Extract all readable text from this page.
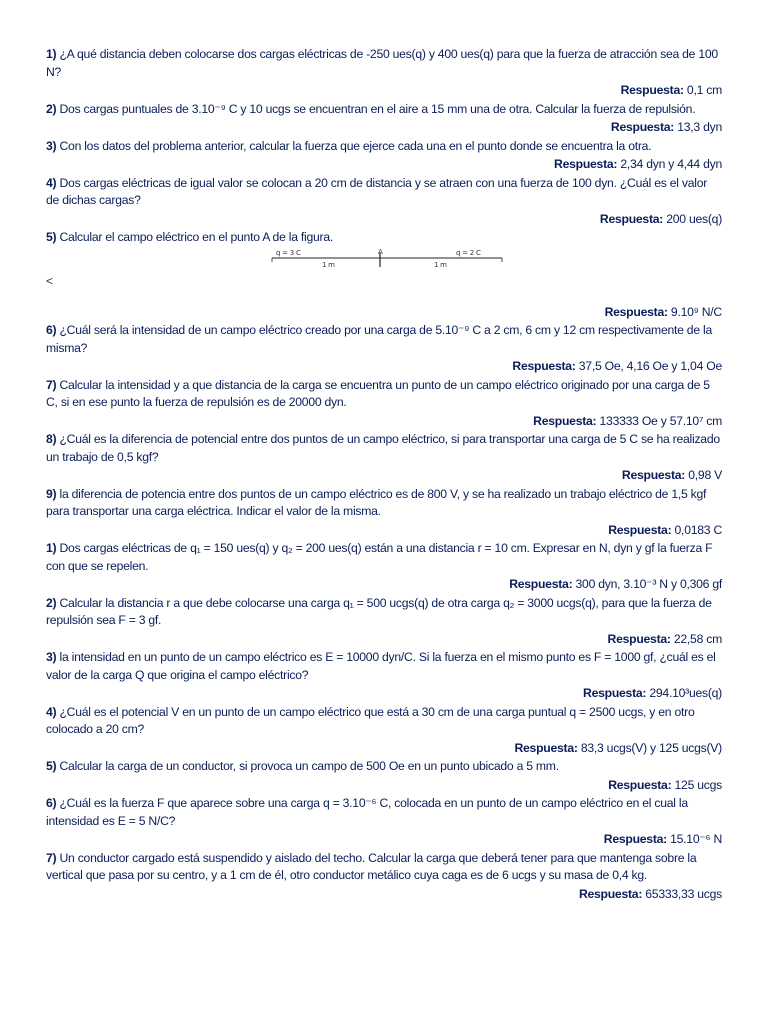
1) ¿A qué distancia deben colocarse dos cargas eléctricas de -250 ues(q) y 400 ues(q) para que la fuerza de atracción sea de 100 N?

Respuesta: 0,1 cm

2) Dos cargas puntuales de 3.10⁻⁹ C y 10 ucgs se encuentran en el aire a 15 mm una de otra. Calcular la fuerza de repulsión.

Respuesta: 13,3 dyn

3) Con los datos del problema anterior, calcular la fuerza que ejerce cada una en el punto donde se encuentra la otra.

Respuesta: 2,34 dyn y 4,44 dyn

4) Dos cargas eléctricas de igual valor se colocan a 20 cm de distancia y se atraen con una fuerza de 100 dyn. ¿Cuál es el valor de dichas cargas?

Respuesta: 200 ues(q)

5) Calcular el campo eléctrico en el punto A de la figura.

q = 3 C	A	q = 2 C
1 m	1 m
<

Respuesta: 9.10⁹ N/C

6) ¿Cuál será la intensidad de un campo eléctrico creado por una carga de 5.10⁻⁹ C a 2 cm, 6 cm y 12 cm respectivamente de la misma?

Respuesta: 37,5 Oe, 4,16 Oe y 1,04 Oe

7) Calcular la intensidad y a que distancia de la carga se encuentra un punto de un campo eléctrico originado por una carga de 5 C, si en ese punto la fuerza de repulsión es de 20000 dyn.

Respuesta: 133333 Oe y 57.10⁷ cm

8) ¿Cuál es la diferencia de potencial entre dos puntos de un campo eléctrico, si para transportar una carga de 5 C se ha realizado un trabajo de 0,5 kgf?

Respuesta: 0,98 V

9) la diferencia de potencia entre dos puntos de un campo eléctrico es de 800 V, y se ha realizado un trabajo eléctrico de 1,5 kgf para transportar una carga eléctrica. Indicar el valor de la misma.

Respuesta: 0,0183 C

1) Dos cargas eléctricas de q₁ = 150 ues(q) y q₂ = 200 ues(q) están a una distancia r = 10 cm. Expresar en N, dyn y gf la fuerza F con que se repelen.

Respuesta: 300 dyn, 3.10⁻³ N y 0,306 gf

2) Calcular la distancia r a que debe colocarse una carga q₁ = 500 ucgs(q) de otra carga q₂ = 3000 ucgs(q), para que la fuerza de repulsión sea F = 3 gf.

Respuesta: 22,58 cm

3) la intensidad en un punto de un campo eléctrico es E = 10000 dyn/C. Si la fuerza en el mismo punto es F = 1000 gf, ¿cuál es el valor de la carga Q que origina el campo eléctrico?

Respuesta: 294.10³ues(q)

4) ¿Cuál es el potencial V en un punto de un campo eléctrico que está a 30 cm de una carga puntual q = 2500 ucgs, y en otro colocado a 20 cm?

Respuesta: 83,3 ucgs(V) y 125 ucgs(V)

5) Calcular la carga de un conductor, si provoca un campo de 500 Oe en un punto ubicado a 5 mm.

Respuesta: 125 ucgs

6) ¿Cuál es la fuerza F que aparece sobre una carga q = 3.10⁻⁶ C, colocada en un punto de un campo eléctrico en el cual la intensidad es E = 5 N/C?

Respuesta: 15.10⁻⁶ N

7) Un conductor cargado está suspendido y aislado del techo. Calcular la carga que deberá tener para que mantenga sobre la vertical que pasa por su centro, y a 1 cm de él, otro conductor metálico cuya caga es de 6 ucgs y su masa de 0,4 kg.

Respuesta: 65333,33 ucgs
